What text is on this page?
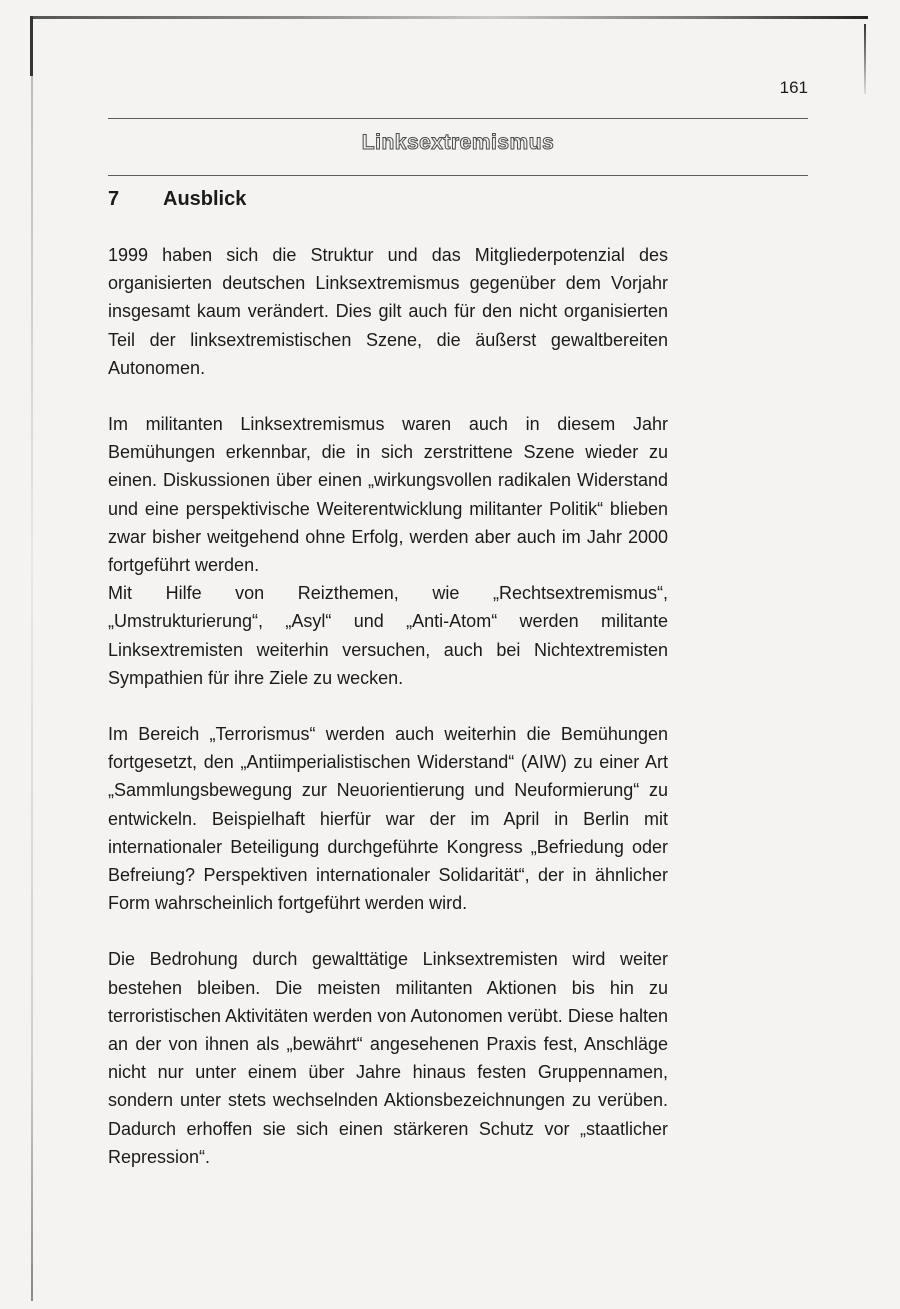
161
Linksextremismus
7	Ausblick

1999 haben sich die Struktur und das Mitgliederpotenzial des organisierten deutschen Linksextremismus gegenüber dem Vorjahr insgesamt kaum verändert. Dies gilt auch für den nicht organisierten Teil der linksextremistischen Szene, die äußerst gewaltbereiten Autonomen.

Im militanten Linksextremismus waren auch in diesem Jahr Bemühungen erkennbar, die in sich zerstrittene Szene wieder zu einen. Diskussionen über einen „wirkungsvollen radikalen Widerstand und eine perspektivische Weiterentwicklung militanter Politik“ blieben zwar bisher weitgehend ohne Erfolg, werden aber auch im Jahr 2000 fortgeführt werden.

Mit Hilfe von Reizthemen, wie „Rechtsextremismus“, „Umstrukturierung“, „Asyl“ und „Anti-Atom“ werden militante Linksextremisten weiterhin versuchen, auch bei Nichtextremisten Sympathien für ihre Ziele zu wecken.

Im Bereich „Terrorismus“ werden auch weiterhin die Bemühungen fortgesetzt, den „Antiimperialistischen Widerstand“ (AIW) zu einer Art „Sammlungsbewegung zur Neuorientierung und Neuformierung“ zu entwickeln. Beispielhaft hierfür war der im April in Berlin mit internationaler Beteiligung durchgeführte Kongress „Befriedung oder Befreiung? Perspektiven internationaler Solidarität“, der in ähnlicher Form wahrscheinlich fortgeführt werden wird.

Die Bedrohung durch gewalttätige Linksextremisten wird weiter bestehen bleiben. Die meisten militanten Aktionen bis hin zu terroristischen Aktivitäten werden von Autonomen verübt. Diese halten an der von ihnen als „bewährt“ angesehenen Praxis fest, Anschläge nicht nur unter einem über Jahre hinaus festen Gruppennamen, sondern unter stets wechselnden Aktionsbezeichnungen zu verüben. Dadurch erhoffen sie sich einen stärkeren Schutz vor „staatlicher Repression“.
